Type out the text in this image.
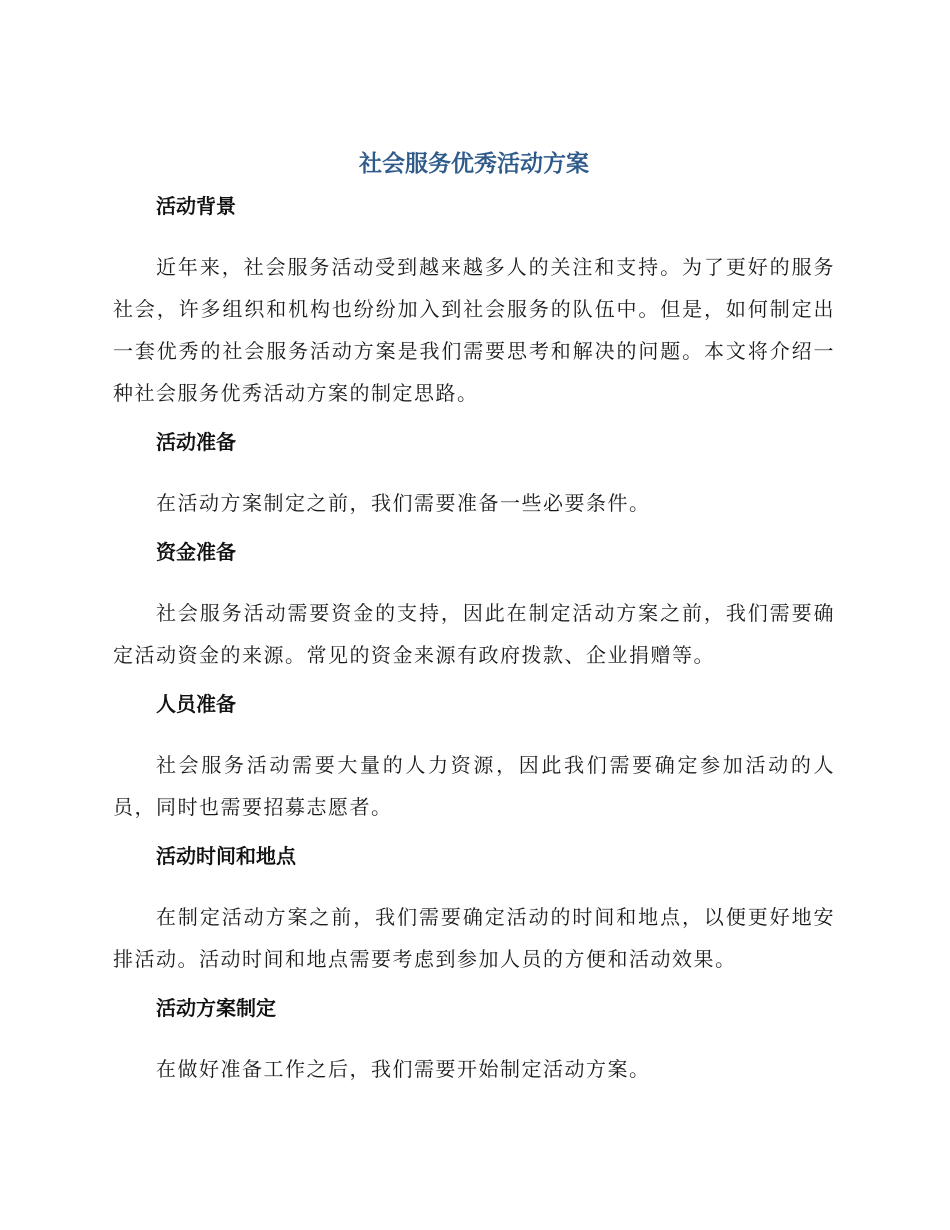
社会服务优秀活动方案
活动背景

近年来，社会服务活动受到越来越多人的关注和支持。为了更好的服务社会，许多组织和机构也纷纷加入到社会服务的队伍中。但是，如何制定出一套优秀的社会服务活动方案是我们需要思考和解决的问题。本文将介绍一种社会服务优秀活动方案的制定思路。

活动准备

在活动方案制定之前，我们需要准备一些必要条件。

资金准备

社会服务活动需要资金的支持，因此在制定活动方案之前，我们需要确定活动资金的来源。常见的资金来源有政府拨款、企业捐赠等。

人员准备

社会服务活动需要大量的人力资源，因此我们需要确定参加活动的人员，同时也需要招募志愿者。

活动时间和地点

在制定活动方案之前，我们需要确定活动的时间和地点，以便更好地安排活动。活动时间和地点需要考虑到参加人员的方便和活动效果。

活动方案制定

在做好准备工作之后，我们需要开始制定活动方案。
